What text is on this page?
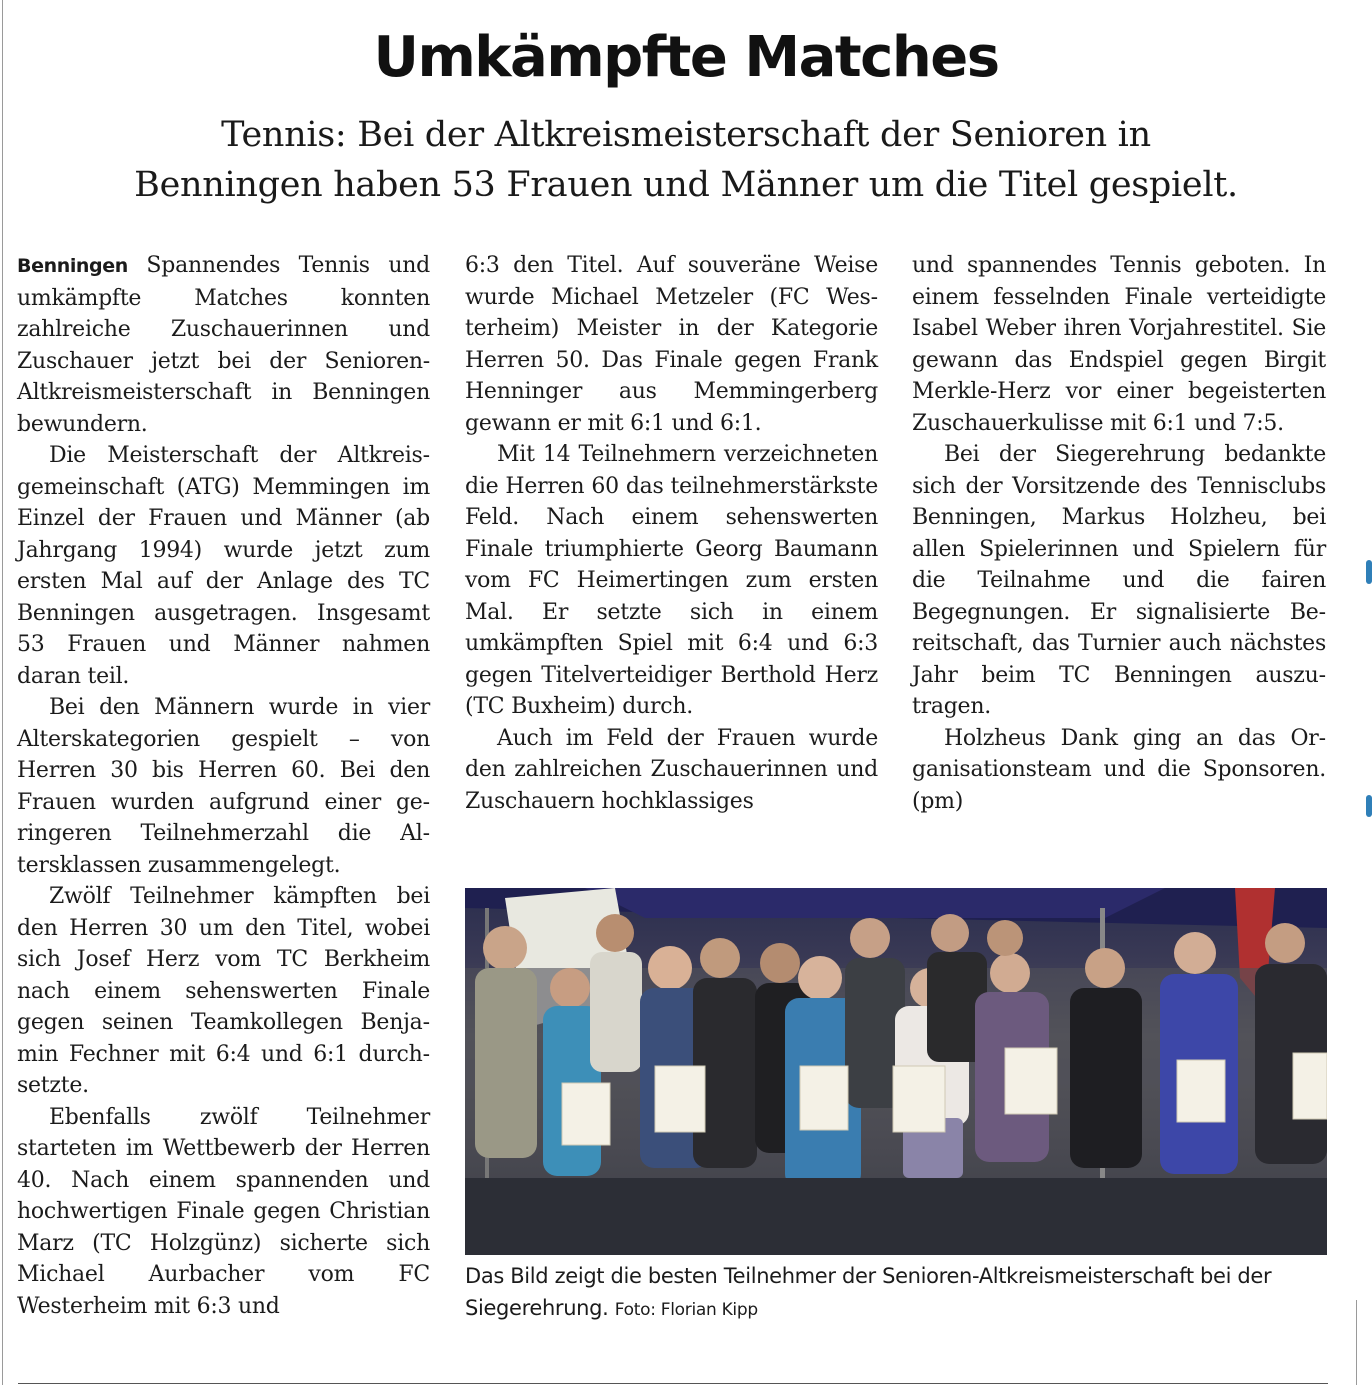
Umkämpfte Matches
Tennis: Bei der Altkreismeisterschaft der Senioren in
Benningen haben 53 Frauen und Männer um die Titel gespielt.

Benningen Spannendes Tennis und umkämpfte Matches konnten zahlreiche Zuschauerinnen und Zuschauer jetzt bei der Senioren-Altkreismeisterschaft in Benningen bewundern.

Die Meisterschaft der Altkreisgemeinschaft (ATG) Memmingen im Einzel der Frauen und Männer (ab Jahrgang 1994) wurde jetzt zum ersten Mal auf der Anlage des TC Benningen ausgetragen. Insgesamt 53 Frauen und Männer nahmen daran teil.

Bei den Männern wurde in vier Alterskategorien gespielt – von Herren 30 bis Herren 60. Bei den Frauen wurden aufgrund einer geringeren Teilnehmerzahl die Altersklassen zusammengelegt.

Zwölf Teilnehmer kämpften bei den Herren 30 um den Titel, wobei sich Josef Herz vom TC Berkheim nach einem sehenswerten Finale gegen seinen Teamkollegen Benjamin Fechner mit 6:4 und 6:1 durchsetzte.

Ebenfalls zwölf Teilnehmer starteten im Wettbewerb der Herren 40. Nach einem spannenden und hochwertigen Finale gegen Christian Marz (TC Holzgünz) sicherte sich Michael Aurbacher vom FC Westerheim mit 6:3 und

6:3 den Titel. Auf souveräne Weise wurde Michael Metzeler (FC Westerheim) Meister in der Kategorie Herren 50. Das Finale gegen Frank Henninger aus Memmingerberg gewann er mit 6:1 und 6:1.

Mit 14 Teilnehmern verzeichneten die Herren 60 das teilnehmerstärkste Feld. Nach einem sehenswerten Finale triumphierte Georg Baumann vom FC Heimertingen zum ersten Mal. Er setzte sich in einem umkämpften Spiel mit 6:4 und 6:3 gegen Titelverteidiger Berthold Herz (TC Buxheim) durch.

Auch im Feld der Frauen wurde den zahlreichen Zuschauerinnen und Zuschauern hochklassiges

und spannendes Tennis geboten. In einem fesselnden Finale verteidigte Isabel Weber ihren Vorjahrestitel. Sie gewann das Endspiel gegen Birgit Merkle-Herz vor einer begeisterten Zuschauerkulisse mit 6:1 und 7:5.

Bei der Siegerehrung bedankte sich der Vorsitzende des Tennisclubs Benningen, Markus Holzheu, bei allen Spielerinnen und Spielern für die Teilnahme und die fairen Begegnungen. Er signalisierte Bereitschaft, das Turnier auch nächstes Jahr beim TC Benningen auszutragen.

Holzheus Dank ging an das Organisationsteam und die Sponsoren. (pm)

Das Bild zeigt die besten Teilnehmer der Senioren-Altkreismeisterschaft bei der Siegerehrung. Foto: Florian Kipp
